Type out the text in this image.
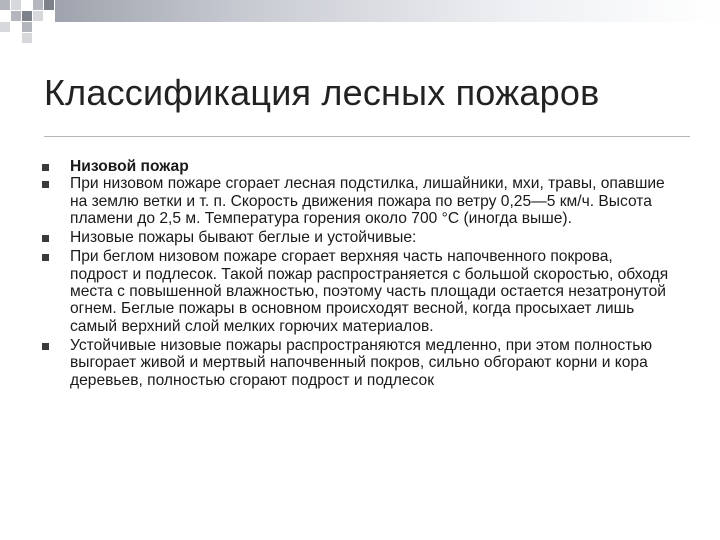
Классификация лесных пожаров
Низовой пожар
При низовом пожаре сгорает лесная подстилка, лишайники, мхи, травы, опавшие на землю ветки и т. п. Скорость движения пожара по ветру 0,25—5 км/ч. Высота пламени до 2,5 м. Температура горения около 700 °С (иногда выше).
Низовые пожары бывают беглые и устойчивые:
При беглом низовом пожаре сгорает верхняя часть напочвенного покрова, подрост и подлесок. Такой пожар распространяется с большой скоростью, обходя места с повышенной влажностью, поэтому часть площади остается незатронутой огнем. Беглые пожары в основном происходят весной, когда просыхает лишь самый верхний слой мелких горючих материалов.
Устойчивые низовые пожары распространяются медленно, при этом полностью выгорает живой и мертвый напочвенный покров, сильно обгорают корни и кора деревьев, полностью сгорают подрост и подлесок
